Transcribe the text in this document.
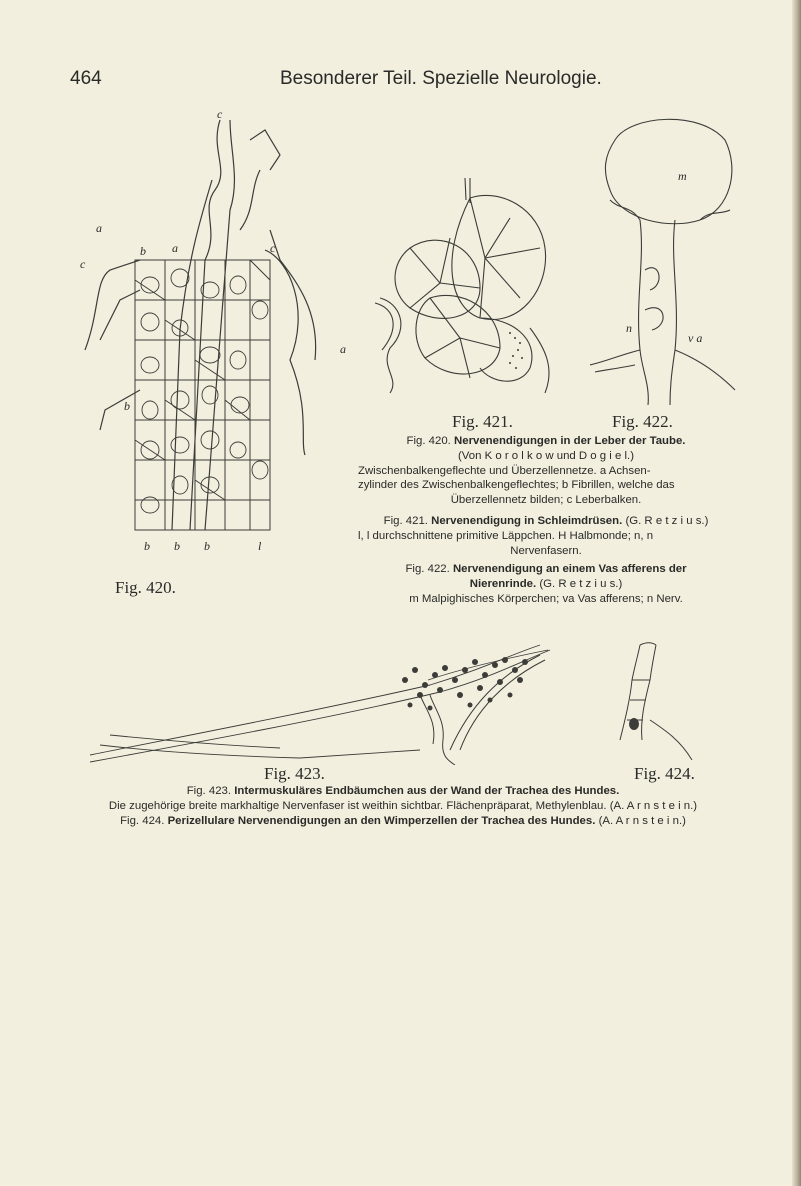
464	Besonderer Teil. Spezielle Neurologie.
c
a
c
b a	c
a
b
b b b	l
Fig. 420.
Fig. 421.
m
n
v a
Fig. 422.

Fig. 420. Nervenendigungen in der Leber der Taube.

(Von K o r o l k o w und D o g i e l.)

Zwischenbalkengeflechte und Überzellennetze. a Achsen-

zylinder des Zwischenbalkengeflechtes; b Fibrillen, welche das

Überzellennetz bilden; c Leberbalken.

Fig. 421. Nervenendigung in Schleimdrüsen. (G. R e t z i u s.)

l, l durchschnittene primitive Läppchen. H Halbmonde; n, n

Nervenfasern.

Fig. 422. Nervenendigung an einem Vas afferens der

Nierenrinde. (G. R e t z i u s.)

m Malpighisches Körperchen; va Vas afferens; n Nerv.

Fig. 423.	Fig. 424.

Fig. 423. Intermuskuläres Endbäumchen aus der Wand der Trachea des Hundes.

Die zugehörige breite markhaltige Nervenfaser ist weithin sichtbar. Flächenpräparat, Methylenblau. (A. A r n s t e i n.)

Fig. 424. Perizellulare Nervenendigungen an den Wimperzellen der Trachea des Hundes. (A. A r n s t e i n.)
